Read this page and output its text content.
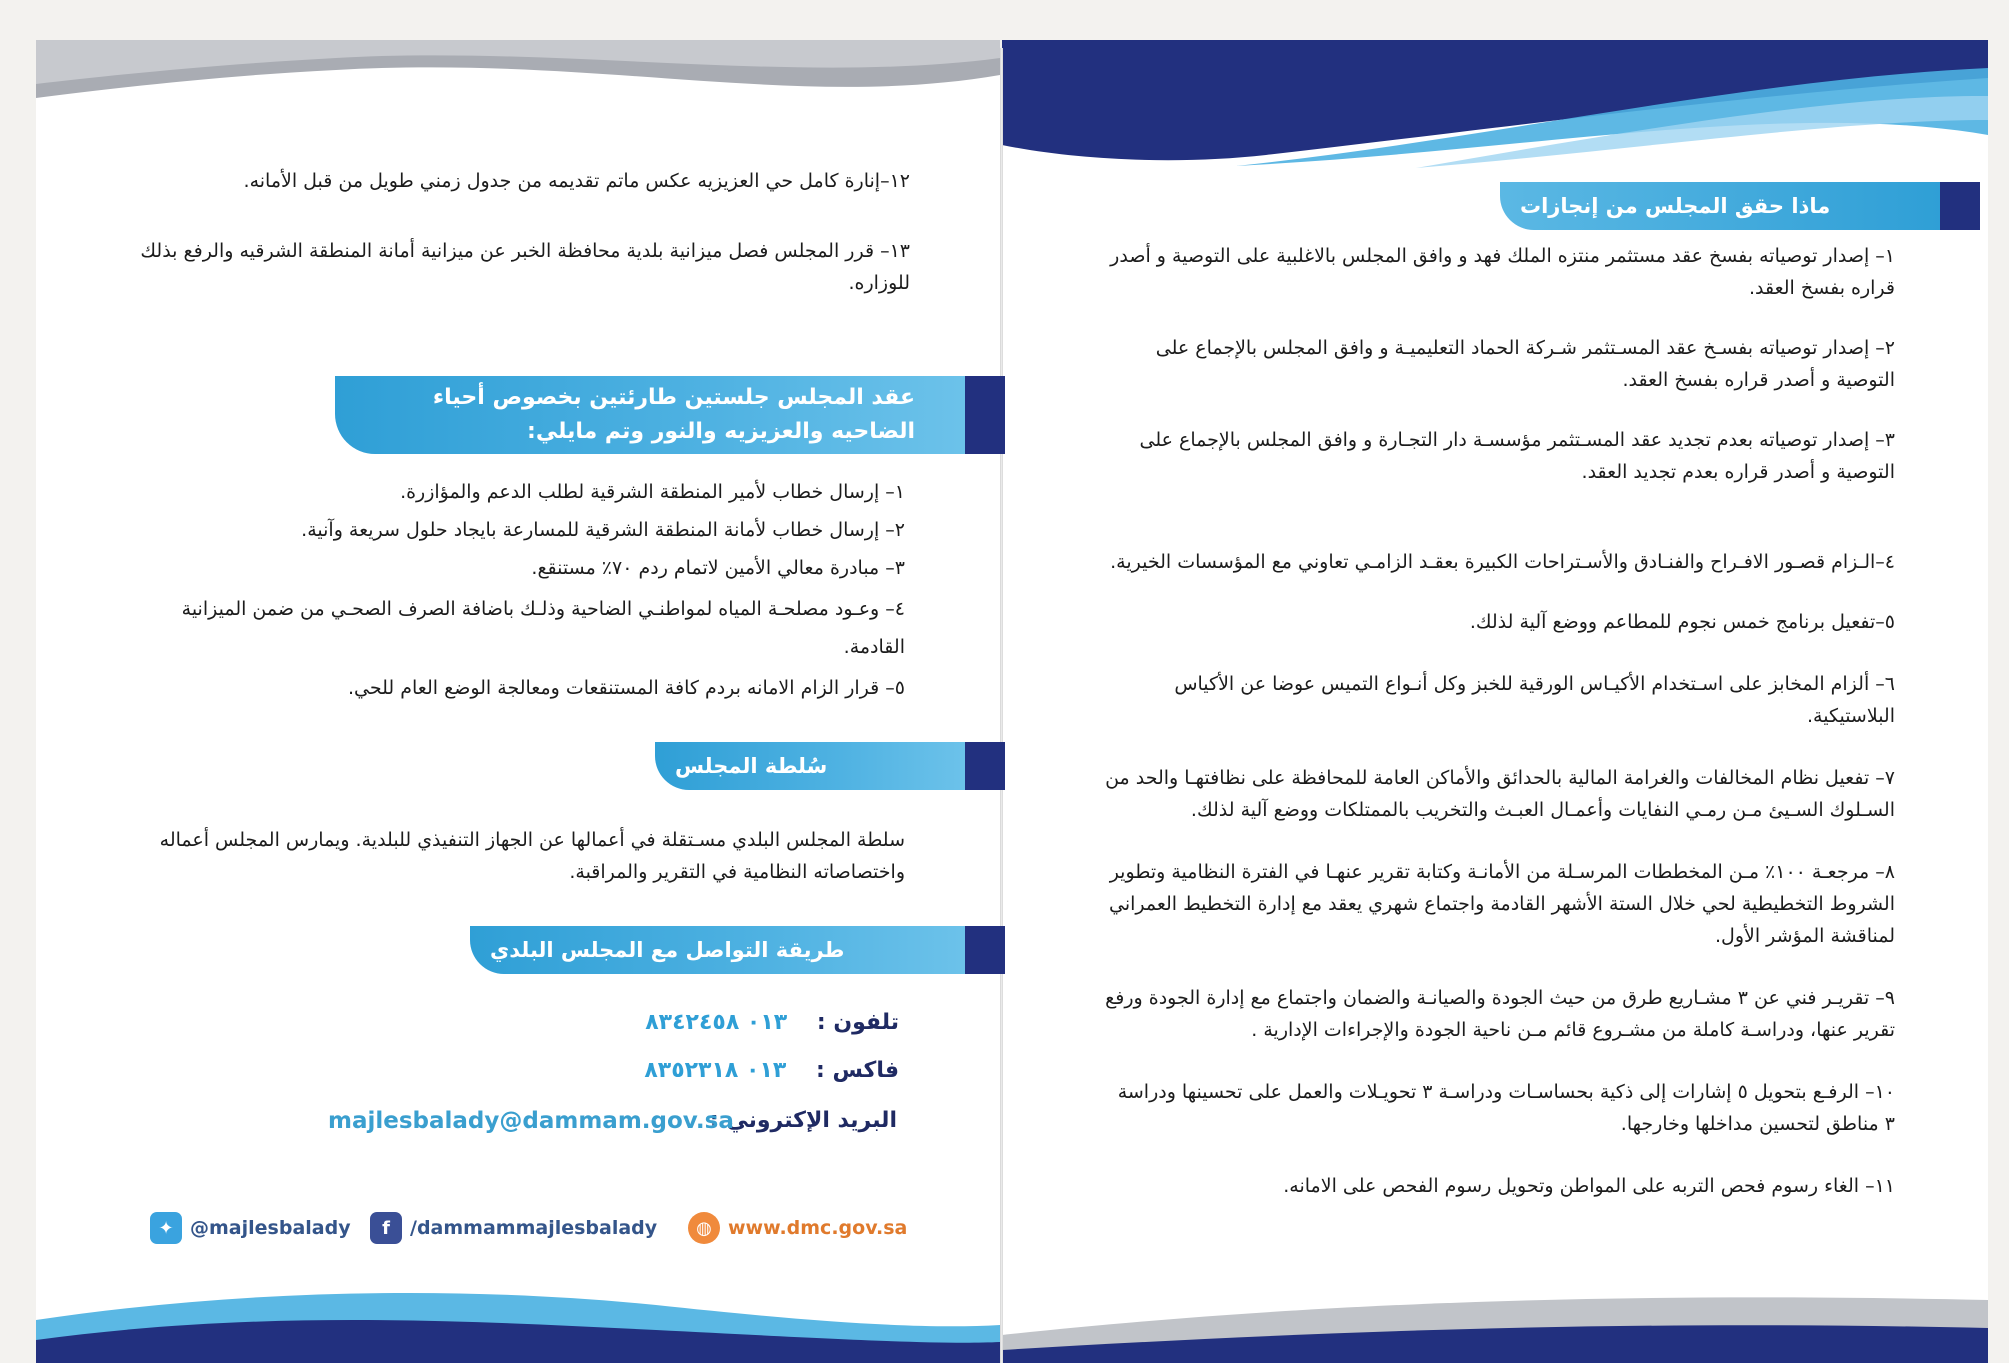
١٢–إنارة كامل حي العزيزيه عكس ماتم تقديمه من جدول زمني طويل من قبل الأمانه.

١٣– قرر المجلس فصل ميزانية بلدية محافظة الخبر عن ميزانية أمانة المنطقة الشرقيه والرفع بذلك للوزاره.

عقد المجلس جلستين طارئتين بخصوص أحياء الضاحيه والعزيزيه والنور وتم مايلي:

١– إرسال خطاب لأمير المنطقة الشرقية لطلب الدعم والمؤازرة.

٢– إرسال خطاب لأمانة المنطقة الشرقية للمسارعة بايجاد حلول سريعة وآنية.

٣– مبادرة معالي الأمين لاتمام ردم ٧٠٪ مستنقع.

٤– وعـود مصلحـة المياه لمواطنـي الضاحية وذلـك باضافة الصرف الصحـي من ضمن الميزانية القادمة.

٥– قرار الزام الامانه بردم كافة المستنقعات ومعالجة الوضع العام للحي.

سُلطة المجلس

سلطة المجلس البلدي مسـتقلة في أعمالها عن الجهاز التنفيذي للبلدية. ويمارس المجلس أعماله واختصاصاته النظامية في التقرير والمراقبة.

طريقة التواصل مع المجلس البلدي
تلفون : ٠١٣ ٨٣٤٢٤٥٨
فاكس : ٠١٣ ٨٣٥٢٣١٨
البريد الإكتروني :
majlesbalady@dammam.gov.sa
✦ @majlesbalady	f	/dammammajlesbalady	◍ www.dmc.gov.sa
ماذا حقق المجلس من إنجازات

١– إصدار توصياته بفسخ عقد مستثمر منتزه الملك فهد و وافق المجلس بالاغلبية على التوصية و أصدر قراره بفسخ العقد.

٢– إصدار توصياته بفسـخ عقد المسـتثمر شـركة الحماد التعليميـة و وافق المجلس بالإجماع على التوصية و أصدر قراره بفسخ العقد.

٣– إصدار توصياته بعدم تجديد عقد المسـتثمر مؤسسـة دار التجـارة و وافق المجلس بالإجماع على التوصية و أصدر قراره بعدم تجديد العقد.

٤–الـزام قصـور الافـراح والفنـادق والأسـتراحات الكبيرة بعقـد الزامـي تعاوني مع المؤسسات الخيرية.

٥–تفعيل برنامج خمس نجوم للمطاعم ووضع آلية لذلك.

٦– ألزام المخابز على اسـتخدام الأكيـاس الورقية للخبز وكل أنـواع التميس عوضا عن الأكياس البلاستيكية.

٧– تفعيل نظام المخالفات والغرامة المالية بالحدائق والأماكن العامة للمحافظة على نظافتهـا والحد من السـلوك السـيئ مـن رمـي النفايات وأعمـال العبـث والتخريب بالممتلكات ووضع آلية لذلك.

٨– مرجعـة ١٠٠٪ مـن المخططات المرسـلة من الأمانـة وكتابة تقرير عنهـا في الفترة النظامية وتطوير الشروط التخطيطية لحي خلال الستة الأشهر القادمة واجتماع شهري يعقد مع إدارة التخطيط العمراني لمناقشة المؤشر الأول.

٩– تقريـر فني عن ٣ مشـاريع طرق من حيث الجودة والصيانـة والضمان واجتماع مع إدارة الجودة ورفع تقرير عنها، ودراسـة كاملة من مشـروع قائم مـن ناحية الجودة والإجراءات الإدارية .

١٠– الرفـع بتحويل ٥ إشارات إلى ذكية بحساسـات ودراسـة ٣ تحويـلات والعمل على تحسينها ودراسة ٣ مناطق لتحسين مداخلها وخارجها.

١١– الغاء رسوم فحص التربه على المواطن وتحويل رسوم الفحص على الامانه.
